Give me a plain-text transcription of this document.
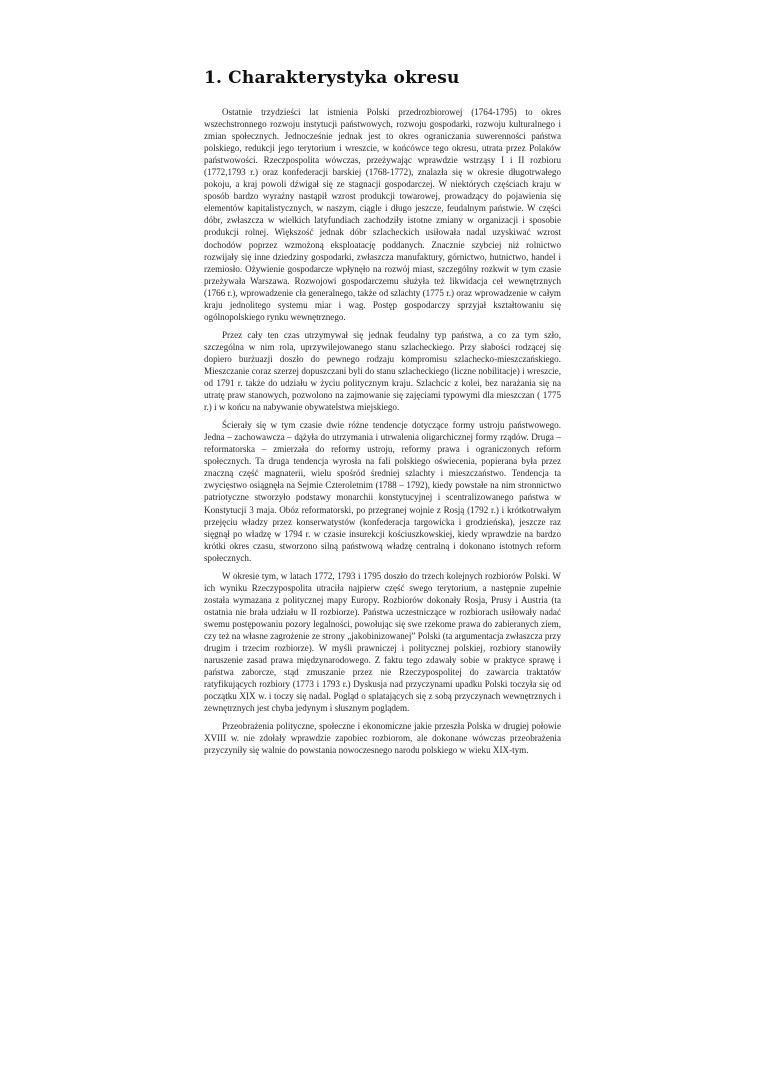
1. Charakterystyka okresu

Ostatnie trzydzieści lat istnienia Polski przedrozbiorowej (1764-1795) to okres wszechstronnego rozwoju instytucji państwowych, rozwoju gospodarki, rozwoju kulturalnego i zmian społecznych. Jednocześnie jednak jest to okres ograniczania suwerenności państwa polskiego, redukcji jego terytorium i wreszcie, w końcówce tego okresu, utrata przez Polaków państwowości. Rzeczpospolita wówczas, przeżywając wprawdzie wstrząsy I i II rozbioru (1772,1793 r.) oraz konfederacji barskiej (1768-1772), znalazła się w okresie długotrwałego pokoju, a kraj powoli dźwigał się ze stagnacji gospodarczej. W niektórych częściach kraju w sposób bardzo wyraźny nastąpił wzrost produkcji towarowej, prowadzący do pojawienia się elementów kapitalistycznych, w naszym, ciągle i długo jeszcze, feudalnym państwie. W części dóbr, zwłaszcza w wielkich latyfundiach zachodziły istotne zmiany w organizacji i sposobie produkcji rolnej. Większość jednak dóbr szlacheckich usiłowała nadal uzyskiwać wzrost dochodów poprzez wzmożoną eksploatację poddanych. Znacznie szybciej niż rolnictwo rozwijały się inne dziedziny gospodarki, zwłaszcza manufaktury, górnictwo, hutnictwo, handel i rzemiosło. Ożywienie gospodarcze wpłynęło na rozwój miast, szczególny rozkwit w tym czasie przeżywała Warszawa. Rozwojowi gospodarczemu służyła też likwidacja ceł wewnętrznych (1766 r.), wprowadzenie cła generalnego, także od szlachty (1775 r.) oraz wprowadzenie w całym kraju jednolitego systemu miar i wag. Postęp gospodarczy sprzyjał kształtowaniu się ogólnopolskiego rynku wewnętrznego.

Przez cały ten czas utrzymywał się jednak feudalny typ państwa, a co za tym szło, szczególna w nim rola, uprzywilejowanego stanu szlacheckiego. Przy słabości rodzącej się dopiero burżuazji doszło do pewnego rodzaju kompromisu szlachecko-mieszczańskiego. Mieszczanie coraz szerzej dopuszczani byli do stanu szlacheckiego (liczne nobilitacje) i wreszcie, od 1791 r. także do udziału w życiu politycznym kraju. Szlachcic z kolei, bez narażania się na utratę praw stanowych, pozwolono na zajmowanie się zajęciami typowymi dla mieszczan ( 1775 r.) i w końcu na nabywanie obywatelstwa miejskiego.

Ścierały się w tym czasie dwie różne tendencje dotyczące formy ustroju państwowego. Jedna – zachowawcza – dążyła do utrzymania i utrwalenia oligarchicznej formy rządów. Druga – reformatorska – zmierzała do reformy ustroju, reformy prawa i ograniczonych reform społecznych. Ta druga tendencja wyrosła na fali polskiego oświecenia, popierana była przez znaczną część magnaterii, wielu spośród średniej szlachty i mieszczaństwo. Tendencja ta zwycięstwo osiągnęła na Sejmie Czteroletnim (1788 – 1792), kiedy powstałe na nim stronnictwo patriotyczne stworzyło podstawy monarchii konstytucyjnej i scentralizowanego państwa w Konstytucji 3 maja. Obóz reformatorski, po przegranej wojnie z Rosją (1792 r.) i krótkotrwałym przejęciu władzy przez konserwatystów (konfederacja targowicka i grodzieńska), jeszcze raz sięgnął po władzę w 1794 r. w czasie insurekcji kościuszkowskiej, kiedy wprawdzie na bardzo krótki okres czasu, stworzono silną państwową władzę centralną i dokonano istotnych reform społecznych.

W okresie tym, w latach 1772, 1793 i 1795 doszło do trzech kolejnych rozbiorów Polski. W ich wyniku Rzeczypospolita utraciła najpierw część swego terytorium, a następnie zupełnie została wymazana z politycznej mapy Europy. Rozbiorów dokonały Rosja, Prusy i Austria (ta ostatnia nie brała udziału w II rozbiorze). Państwa uczestniczące w rozbiorach usiłowały nadać swemu postępowaniu pozory legalności, powołując się swe rzekome prawa do zabieranych ziem, czy też na własne zagrożenie ze strony „jakobinizowanej” Polski (ta argumentacja zwłaszcza przy drugim i trzecim rozbiorze). W myśli prawniczej i politycznej polskiej, rozbiory stanowiły naruszenie zasad prawa międzynarodowego. Z faktu tego zdawały sobie w praktyce sprawę i państwa zaborcze, stąd zmuszanie przez nie Rzeczypospolitej do zawarcia traktatów ratyfikujących rozbiory (1773 i 1793 r.) Dyskusja nad przyczynami upadku Polski toczyła się od początku XIX w. i toczy się nadal. Pogląd o splatających się z sobą przyczynach wewnętrznych i zewnętrznych jest chyba jedynym i słusznym poglądem.

Przeobrażenia polityczne, społeczne i ekonomiczne jakie przeszła Polska w drugiej połowie XVIII w. nie zdołały wprawdzie zapobiec rozbiorom, ale dokonane wówczas przeobrażenia przyczyniły się walnie do powstania nowoczesnego narodu polskiego w wieku XIX-tym.
